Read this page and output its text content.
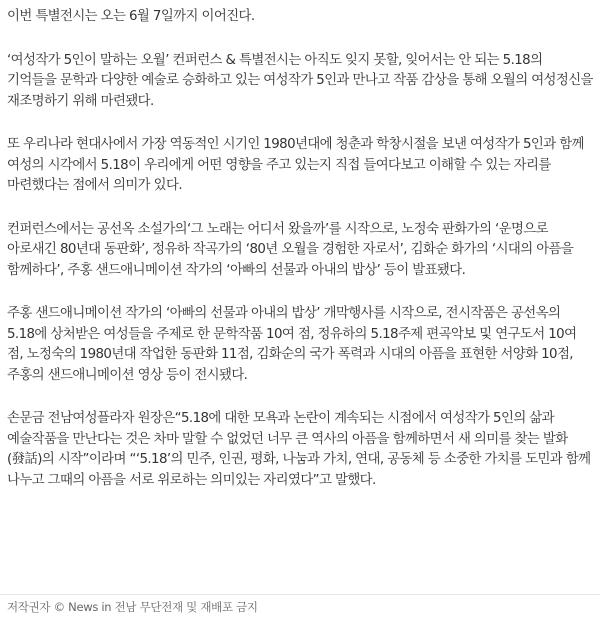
이번 특별전시는 오는 6월 7일까지 이어진다.

‘여성작가 5인이 말하는 오월’ 컨퍼런스 & 특별전시는 아직도 잊지 못할, 잊어서는 안 되는 5.18의 기억들을 문학과 다양한 예술로 승화하고 있는 여성작가 5인과 만나고 작품 감상을 통해 오월의 여성정신을 재조명하기 위해 마련됐다.

또 우리나라 현대사에서 가장 역동적인 시기인 1980년대에 청춘과 학창시절을 보낸 여성작가 5인과 함께 여성의 시각에서 5.18이 우리에게 어떤 영향을 주고 있는지 직접 들여다보고 이해할 수 있는 자리를 마련했다는 점에서 의미가 있다.

컨퍼런스에서는 공선옥 소설가의‘그 노래는 어디서 왔을까’를 시작으로, 노정숙 판화가의 ‘운명으로 아로새긴 80년대 동판화’, 정유하 작곡가의 ‘80년 오월을 경험한 자로서’, 김화순 화가의 ‘시대의 아픔을 함께하다’, 주홍 샌드애니메이션 작가의 ‘아빠의 선물과 아내의 밥상’ 등이 발표됐다.

주홍 샌드애니메이션 작가의 ‘아빠의 선물과 아내의 밥상’ 개막행사를 시작으로, 전시작품은 공선옥의 5.18에 상처받은 여성들을 주제로 한 문학작품 10여 점, 정유하의 5.18주제 편곡악보 및 연구도서 10여 점, 노정숙의 1980년대 작업한 동판화 11점, 김화순의 국가 폭력과 시대의 아픔을 표현한 서양화 10점, 주홍의 샌드애니메이션 영상 등이 전시됐다.

손문금 전남여성플라자 원장은“5.18에 대한 모욕과 논란이 계속되는 시점에서 여성작가 5인의 삶과 예술작품을 만난다는 것은 차마 말할 수 없었던 너무 큰 역사의 아픔을 함께하면서 새 의미를 찾는 발화(發話)의 시작”이라며 “‘5.18’의 민주, 인권, 평화, 나눔과 가치, 연대, 공동체 등 소중한 가치를 도민과 함께 나누고 그때의 아픔을 서로 위로하는 의미있는 자리였다”고 말했다.

저작권자 © News in 전남 무단전재 및 재배포 금지
